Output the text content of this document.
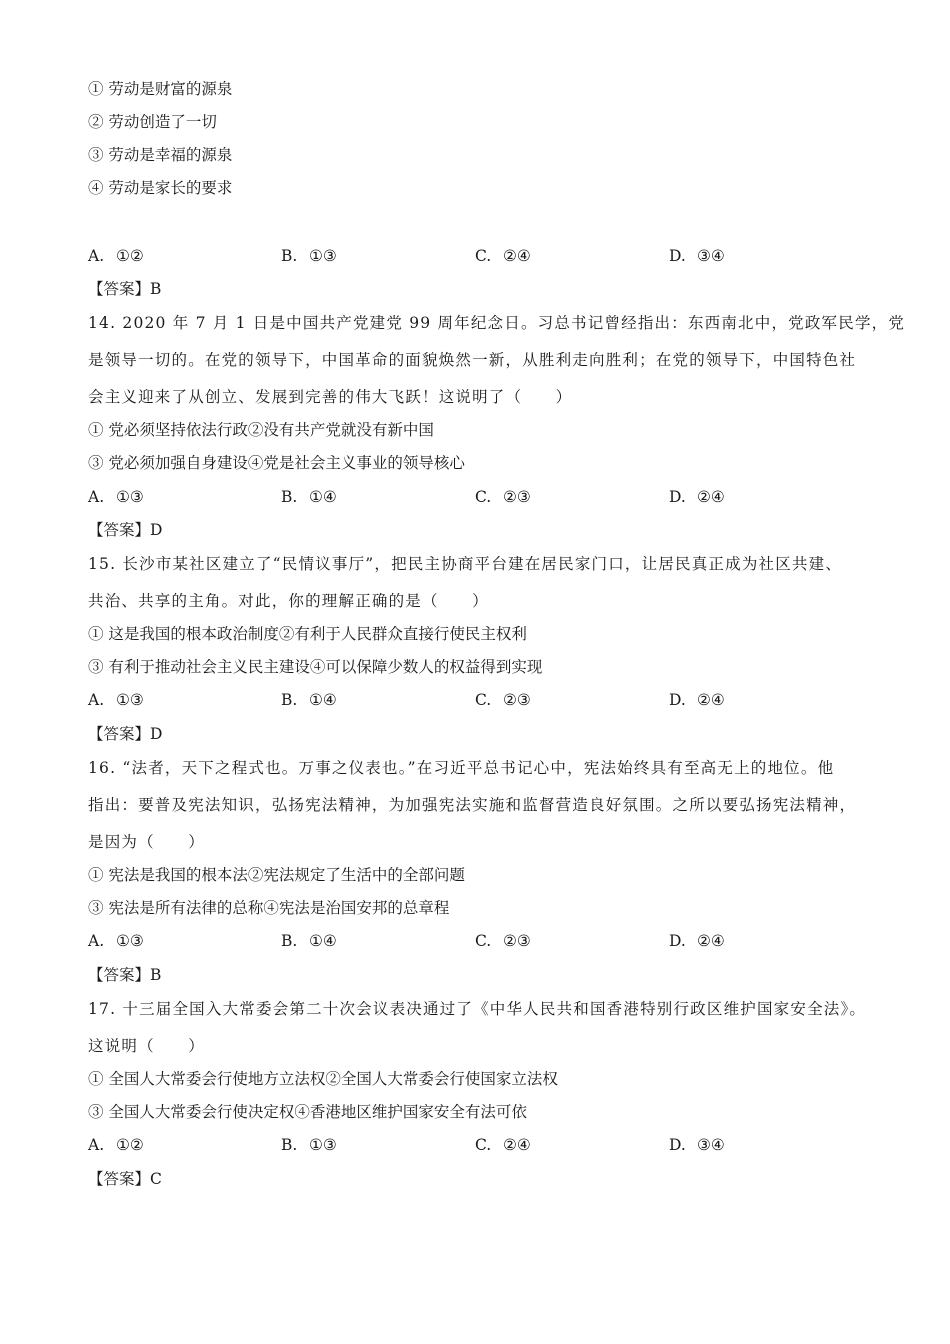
① 劳动是财富的源泉
② 劳动创造了一切
③ 劳动是幸福的源泉
④ 劳动是家长的要求
A. ①②	B. ①③	C. ②④	D. ③④
【答案】B
14. 2020 年 7 月 1 日是中国共产党建党 99 周年纪念日。习总书记曾经指出：东西南北中，党政军民学，党
是领导一切的。在党的领导下，中国革命的面貌焕然一新，从胜利走向胜利；在党的领导下，中国特色社
会主义迎来了从创立、发展到完善的伟大飞跃！这说明了（　　）
① 党必须坚持依法行政②没有共产党就没有新中国
③ 党必须加强自身建设④党是社会主义事业的领导核心
A. ①③	B. ①④	C. ②③	D. ②④
【答案】D
15. 长沙市某社区建立了“民情议事厅”，把民主协商平台建在居民家门口，让居民真正成为社区共建、
共治、共享的主角。对此，你的理解正确的是（　　）
① 这是我国的根本政治制度②有利于人民群众直接行使民主权利
③ 有利于推动社会主义民主建设④可以保障少数人的权益得到实现
A. ①③	B. ①④	C. ②③	D. ②④
【答案】D
16. “法者，天下之程式也。万事之仪表也。”在习近平总书记心中，宪法始终具有至高无上的地位。他
指出：要普及宪法知识，弘扬宪法精神，为加强宪法实施和监督营造良好氛围。之所以要弘扬宪法精神，
是因为（　　）
① 宪法是我国的根本法②宪法规定了生活中的全部问题
③ 宪法是所有法律的总称④宪法是治国安邦的总章程
A. ①③	B. ①④	C. ②③	D. ②④
【答案】B
17. 十三届全国入大常委会第二十次会议表决通过了《中华人民共和国香港特别行政区维护国家安全法》。
这说明（　　）
① 全国人大常委会行使地方立法权②全国人大常委会行使国家立法权
③ 全国人大常委会行使决定权④香港地区维护国家安全有法可依
A. ①②	B. ①③	C. ②④	D. ③④
【答案】C
